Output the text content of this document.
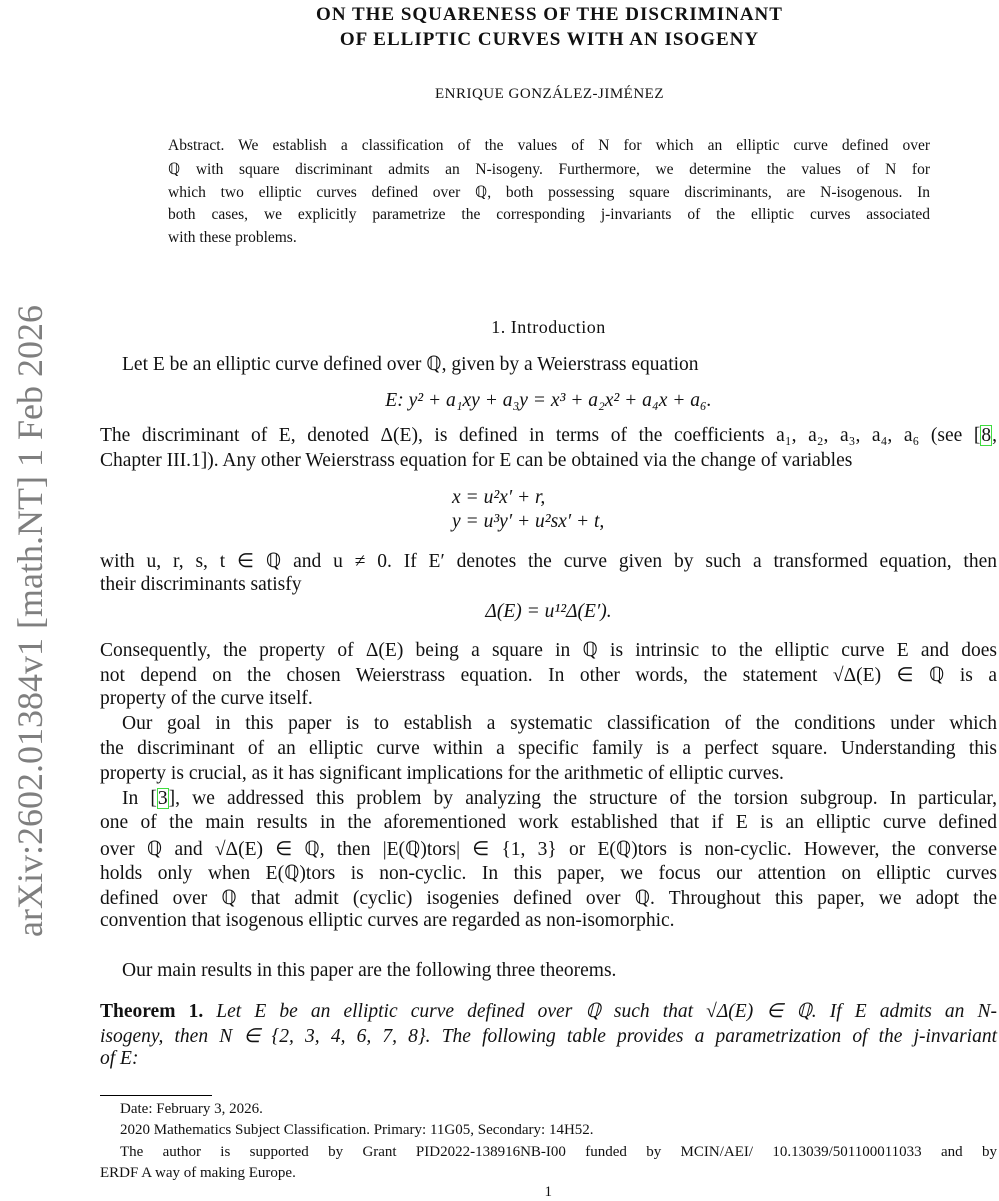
arXiv:2602.01384v1 [math.NT] 1 Feb 2026
ON THE SQUARENESS OF THE DISCRIMINANT
OF ELLIPTIC CURVES WITH AN ISOGENY
ENRIQUE GONZÁLEZ-JIMÉNEZ
Abstract. We establish a classification of the values of N for which an elliptic curve defined over
ℚ with square discriminant admits an N-isogeny. Furthermore, we determine the values of N for
which two elliptic curves defined over ℚ, both possessing square discriminants, are N-isogenous. In
both cases, we explicitly parametrize the corresponding j-invariants of the elliptic curves associated
with these problems.
1. Introduction
Let E be an elliptic curve defined over ℚ, given by a Weierstrass equation
E: y² + a₁xy + a₃y = x³ + a₂x² + a₄x + a₆.
The discriminant of E, denoted Δ(E), is defined in terms of the coefficients a₁, a₂, a₃, a₄, a₆ (see [8,
Chapter III.1]). Any other Weierstrass equation for E can be obtained via the change of variables
x = u²x′ + r,
y = u³y′ + u²sx′ + t,
with u, r, s, t ∈ ℚ and u ≠ 0. If E′ denotes the curve given by such a transformed equation, then
their discriminants satisfy
Δ(E) = u¹²Δ(E′).
Consequently, the property of Δ(E) being a square in ℚ is intrinsic to the elliptic curve E and does
not depend on the chosen Weierstrass equation. In other words, the statement √Δ(E) ∈ ℚ is a
property of the curve itself.
Our goal in this paper is to establish a systematic classification of the conditions under which
the discriminant of an elliptic curve within a specific family is a perfect square. Understanding this
property is crucial, as it has significant implications for the arithmetic of elliptic curves.
In [3], we addressed this problem by analyzing the structure of the torsion subgroup. In particular,
one of the main results in the aforementioned work established that if E is an elliptic curve defined
over ℚ and √Δ(E) ∈ ℚ, then |E(ℚ)tors| ∈ {1, 3} or E(ℚ)tors is non-cyclic. However, the converse
holds only when E(ℚ)tors is non-cyclic. In this paper, we focus our attention on elliptic curves
defined over ℚ that admit (cyclic) isogenies defined over ℚ. Throughout this paper, we adopt the
convention that isogenous elliptic curves are regarded as non-isomorphic.
Our main results in this paper are the following three theorems.
Theorem 1. Let E be an elliptic curve defined over ℚ such that √Δ(E) ∈ ℚ. If E admits an N-
isogeny, then N ∈ {2, 3, 4, 6, 7, 8}. The following table provides a parametrization of the j-invariant
of E:
Date: February 3, 2026.
2020 Mathematics Subject Classification. Primary: 11G05, Secondary: 14H52.
The author is supported by Grant PID2022-138916NB-I00 funded by MCIN/AEI/ 10.13039/501100011033 and by
ERDF A way of making Europe.
1
